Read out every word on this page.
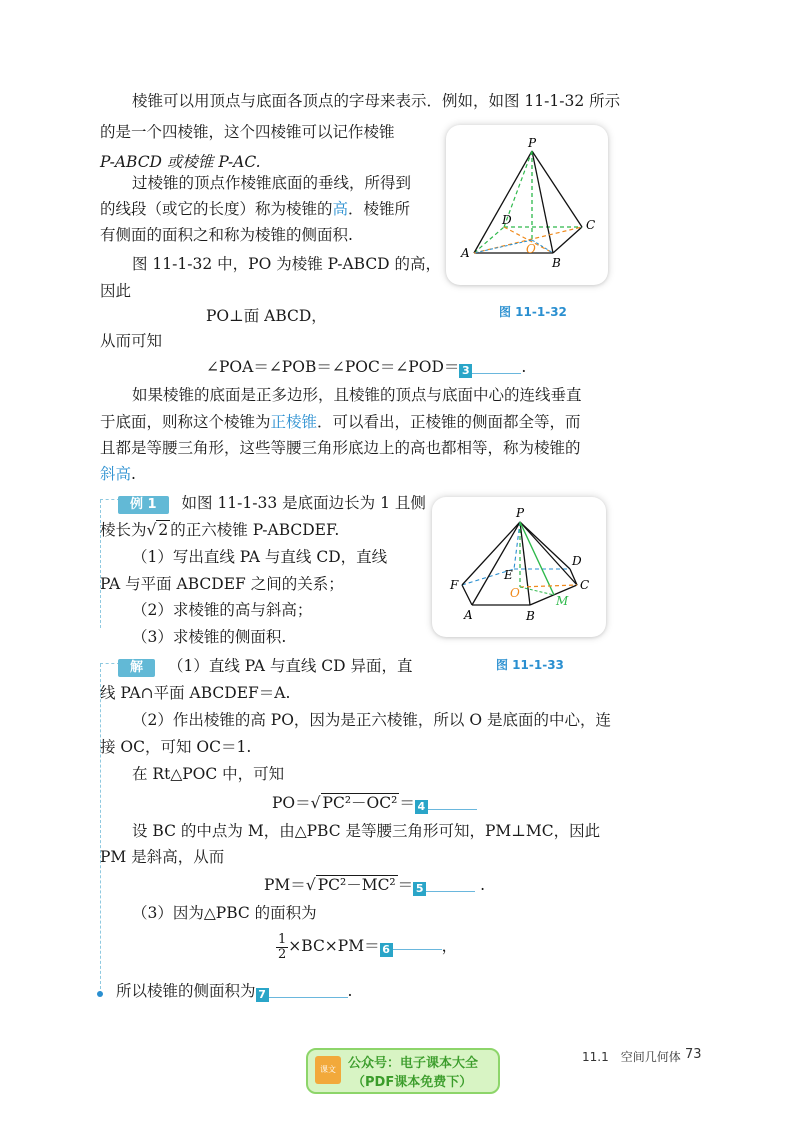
棱锥可以用顶点与底面各顶点的字母来表示．例如，如图 11-1-32 所示
的是一个四棱锥，这个四棱锥可以记作棱锥
P-ABCD 或棱锥 P-AC.
过棱锥的顶点作棱锥底面的垂线，所得到
的线段（或它的长度）称为棱锥的高．棱锥所
有侧面的面积之和称为棱锥的侧面积.
图 11-1-32 中，PO 为棱锥 P-ABCD 的高，
因此
PO⊥面 ABCD，
从而可知
∠POA＝∠POB＝∠POC＝∠POD＝ 3	.
如果棱锥的底面是正多边形，且棱锥的顶点与底面中心的连线垂直
于底面，则称这个棱锥为正棱锥．可以看出，正棱锥的侧面都全等，而
且都是等腰三角形，这些等腰三角形底边上的高也都相等，称为棱锥的
斜高.
P
A
B
C
D
O
图 11-1-32
例 1 如图 11-1-33 是底面边长为 1 且侧
棱长为√ 2 的正六棱锥 P-ABCDEF.
（1）写出直线 PA 与直线 CD，直线
PA 与平面 ABCDEF 之间的关系；
（2）求棱锥的高与斜高；
（3）求棱锥的侧面积.
P
A	B
C
D
E
F
O
M
图 11-1-33
解 （1）直线 PA 与直线 CD 异面，直
线 PA∩平面 ABCDEF＝A.
（2）作出棱锥的高 PO，因为是正六棱锥，所以 O 是底面的中心，连
接 OC，可知 OC＝1.
在 Rt△POC 中，可知
PO＝√ PC²－OC² ＝ 4
设 BC 的中点为 M，由△PBC 是等腰三角形可知，PM⊥MC，因此
PM 是斜高，从而
PM＝√ PC²－MC² ＝ 5	.
（3）因为△PBC 的面积为
$\frac{1}{2} \times BC\times PM= 6$	，
所以棱锥的侧面积为 7	.
课文 公众号：电子课本大全
（PDF课本免费下）
11.1　空间几何体 73
